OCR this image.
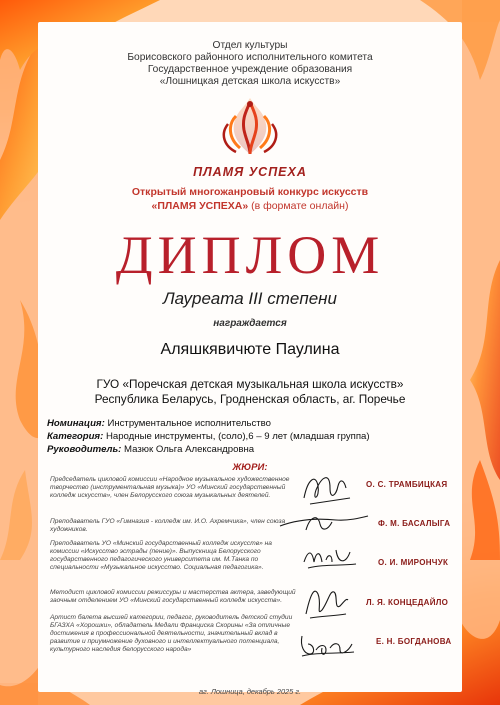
Отдел культуры
Борисовского районного исполнительного комитета
Государственное учреждение образования
«Лошницкая детская школа искусств»
ПЛАМЯ УСПЕХА
Открытый многожанровый конкурс искусств
«ПЛАМЯ УСПЕХА» (в формате онлайн)
ДИПЛОМ
Лауреата III степени
награждается
Аляшкявичюте Паулина
ГУО «Поречская детская музыкальная школа искусств»
Республика Беларусь, Гродненская область, аг. Поречье
Номинация: Инструментальное исполнительство
Категория: Народные инструменты, (соло),6 – 9 лет (младшая группа)
Руководитель: Мазюк Ольга Александровна
ЖЮРИ:
Председатель цикловой комиссии «Народное музыкальное художественное творчество (инструментальная музыка)» УО «Минский государственный колледж искусств», член Белорусского союза музыкальных деятелей.
О. С. ТРАМБИЦКАЯ
Преподаватель ГУО «Гимназия - колледж им. И.О. Ахремчика», член союза художников.
Ф. М. БАСАЛЫГА
Преподаватель УО «Минский государственный колледж искусств» на комиссии «Искусство эстрады (пение)». Выпускница Белорусского государственного педагогического университета им. М.Танка по специальности «Музыкальное искусство. Социальная педагогика».
О. И. МИРОНЧУК
Методист цикловой комиссии режиссуры и мастерства актера, заведующий заочным отделением УО «Минский государственный колледж искусств».	Л. Я. КОНЦЕДАЙЛО
Артист балета высшей категории, педагог, руководитель детской студии БГАЗХА «Хорошки», обладатель Медали Франциска Скорины «За отличные достижения в профессиональной деятельности, значительный вклад в развитие и приумножение духовного и интеллектуального потенциала, культурного наследия белорусского народа»
Е. Н. БОГДАНОВА
аг. Лошница, декабрь 2025 г.
